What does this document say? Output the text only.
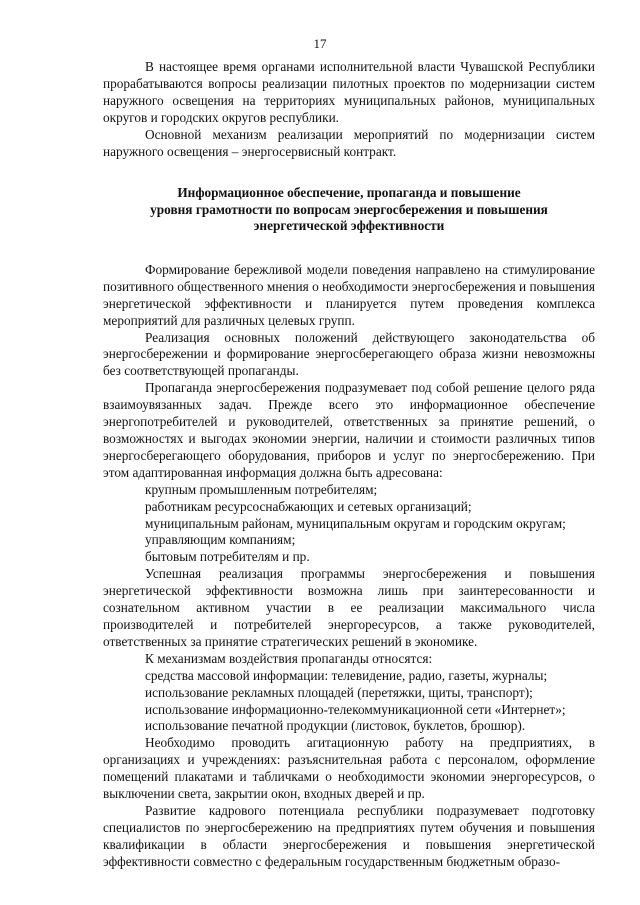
17

В настоящее время органами исполнительной власти Чувашской Республики прорабатываются вопросы реализации пилотных проектов по модернизации систем наружного освещения на территориях муниципальных районов, муниципальных округов и городских округов республики.

Основной механизм реализации мероприятий по модернизации систем наружного освещения – энергосервисный контракт.

Информационное обеспечение, пропаганда и повышение
уровня грамотности по вопросам энергосбережения и повышения
энергетической эффективности

Формирование бережливой модели поведения направлено на стимулирование позитивного общественного мнения о необходимости энергосбережения и повышения энергетической эффективности и планируется путем проведения комплекса мероприятий для различных целевых групп.

Реализация основных положений действующего законодательства об энергосбережении и формирование энергосберегающего образа жизни невозможны без соответствующей пропаганды.

Пропаганда энергосбережения подразумевает под собой решение целого ряда взаимоувязанных задач. Прежде всего это информационное обеспечение энергопотребителей и руководителей, ответственных за принятие решений, о возможностях и выгодах экономии энергии, наличии и стоимости различных типов энергосберегающего оборудования, приборов и услуг по энергосбережению. При этом адаптированная информация должна быть адресована:

крупным промышленным потребителям;

работникам ресурсоснабжающих и сетевых организаций;

муниципальным районам, муниципальным округам и городским округам;

управляющим компаниям;

бытовым потребителям и пр.

Успешная реализация программы энергосбережения и повышения энергетической эффективности возможна лишь при заинтересованности и сознательном активном участии в ее реализации максимального числа производителей и потребителей энергоресурсов, а также руководителей, ответственных за принятие стратегических решений в экономике.

К механизмам воздействия пропаганды относятся:

средства массовой информации: телевидение, радио, газеты, журналы;

использование рекламных площадей (перетяжки, щиты, транспорт);

использование информационно-телекоммуникационной сети «Интернет»;

использование печатной продукции (листовок, буклетов, брошюр).

Необходимо проводить агитационную работу на предприятиях, в организациях и учреждениях: разъяснительная работа с персоналом, оформление помещений плакатами и табличками о необходимости экономии энергоресурсов, о выключении света, закрытии окон, входных дверей и пр.

Развитие кадрового потенциала республики подразумевает подготовку специалистов по энергосбережению на предприятиях путем обучения и повышения квалификации в области энергосбережения и повышения энергетической эффективности совместно с федеральным государственным бюджетным образо-
